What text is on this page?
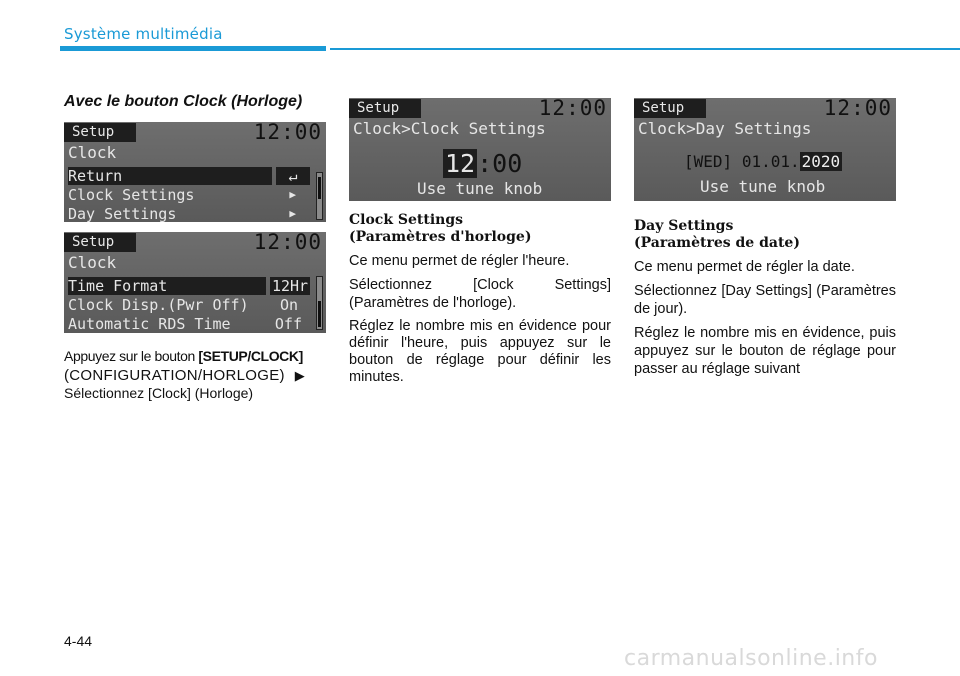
Système multimédia
Avec le bouton Clock (Horloge)
Setup	12:00
Clock
Return	↵
Clock Settings	▶
Day Settings	▶
Setup	12:00
Clock
Time Format	12Hr
Clock Disp.(Pwr Off) On
Automatic RDS Time	Off
Appuyez sur le bouton [SETUP/CLOCK]
(CONFIGURATION/HORLOGE) ▶
Sélectionnez [Clock] (Horloge)
Setup	12:00
Clock>Clock Settings
12:00
Use tune knob
Setup	12:00
Clock>Day Settings
[WED] 01.01. 2020
Use tune knob
Clock Settings
(Paramètres d'horloge)

Ce menu permet de régler l'heure.

Sélectionnez [Clock Settings] (Paramètres de l'horloge).

Réglez le nombre mis en évidence pour définir l'heure, puis appuyez sur le bouton de réglage pour définir les minutes.

Day Settings
(Paramètres de date)

Ce menu permet de régler la date.

Sélectionnez [Day Settings] (Paramètres de jour).

Réglez le nombre mis en évidence, puis appuyez sur le bouton de réglage pour passer au réglage suivant

4-44
carmanualsonline.info
